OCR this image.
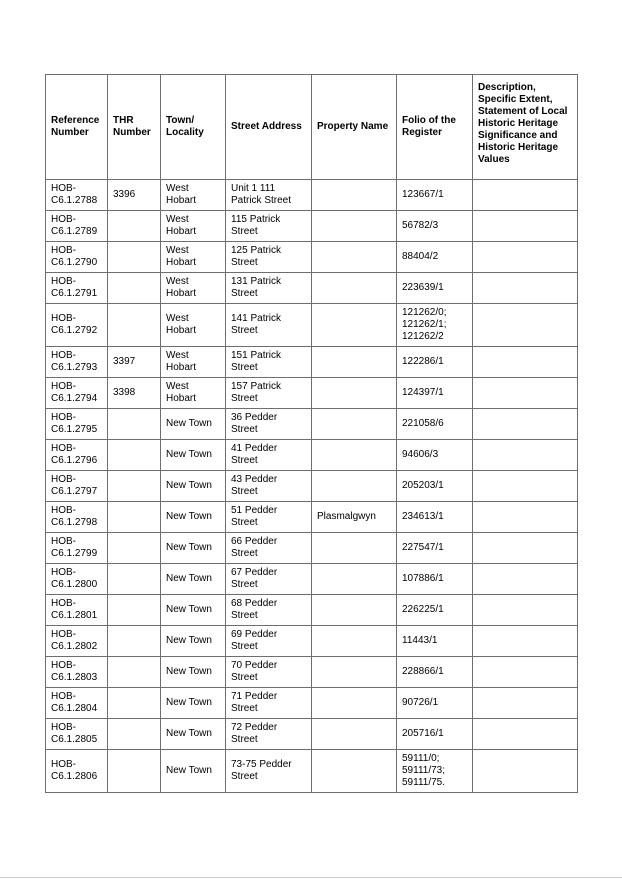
Reference Number	THR Number	Town/ Locality	Street Address	Property Name	Folio of the Register	Description, Specific Extent, Statement of Local Historic Heritage Significance and Historic Heritage Values
HOB-C6.1.2788	3396	West Hobart	Unit 1 111 Patrick Street		123667/1	
HOB-C6.1.2789		West Hobart	115 Patrick Street		56782/3	
HOB-C6.1.2790		West Hobart	125 Patrick Street		88404/2	
HOB-C6.1.2791		West Hobart	131 Patrick Street		223639/1	
HOB-C6.1.2792		West Hobart	141 Patrick Street		121262/0; 121262/1; 121262/2	
HOB-C6.1.2793	3397	West Hobart	151 Patrick Street		122286/1	
HOB-C6.1.2794	3398	West Hobart	157 Patrick Street		124397/1	
HOB-C6.1.2795		New Town	36 Pedder Street		221058/6	
HOB-C6.1.2796		New Town	41 Pedder Street		94606/3	
HOB-C6.1.2797		New Town	43 Pedder Street		205203/1	
HOB-C6.1.2798		New Town	51 Pedder Street	Plasmalgwyn	234613/1	
HOB-C6.1.2799		New Town	66 Pedder Street		227547/1	
HOB-C6.1.2800		New Town	67 Pedder Street		107886/1	
HOB-C6.1.2801		New Town	68 Pedder Street		226225/1	
HOB-C6.1.2802		New Town	69 Pedder Street		11443/1	
HOB-C6.1.2803		New Town	70 Pedder Street		228866/1	
HOB-C6.1.2804		New Town	71 Pedder Street		90726/1	
HOB-C6.1.2805		New Town	72 Pedder Street		205716/1	
HOB-C6.1.2806		New Town	73-75 Pedder Street		59111/0; 59111/73; 59111/75.	
